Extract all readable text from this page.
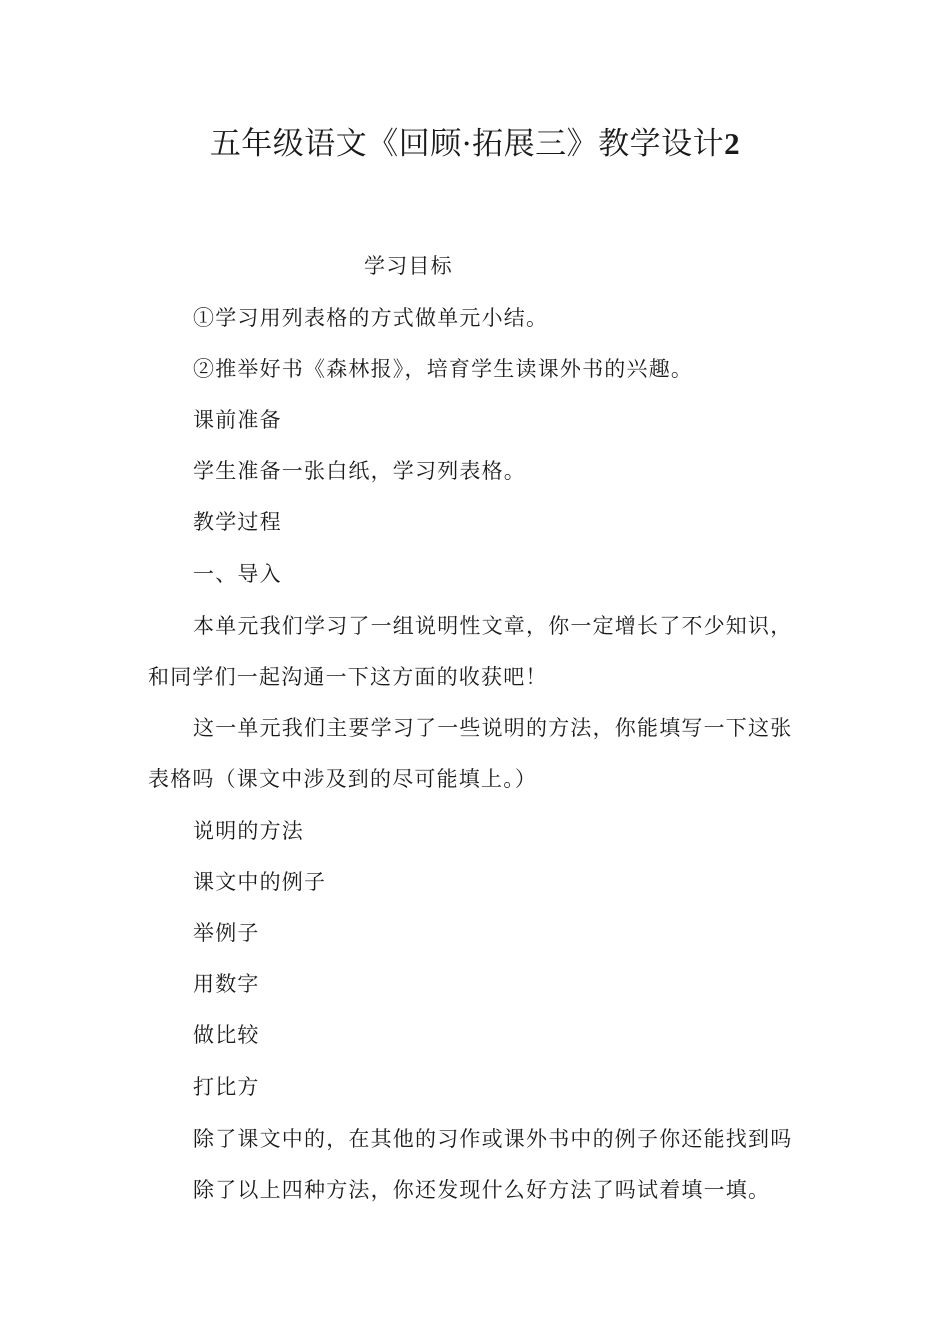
五年级语文《回顾·拓展三》教学设计2
学习目标
①学习用列表格的方式做单元小结。
②推举好书《森林报》，培育学生读课外书的兴趣。
课前准备
学生准备一张白纸，学习列表格。
教学过程
一、导入
本单元我们学习了一组说明性文章，你一定增长了不少知识，
和同学们一起沟通一下这方面的收获吧！
这一单元我们主要学习了一些说明的方法，你能填写一下这张
表格吗（课文中涉及到的尽可能填上。）
说明的方法
课文中的例子
举例子
用数字
做比较
打比方
除了课文中的，在其他的习作或课外书中的例子你还能找到吗
除了以上四种方法，你还发现什么好方法了吗试着填一填。
